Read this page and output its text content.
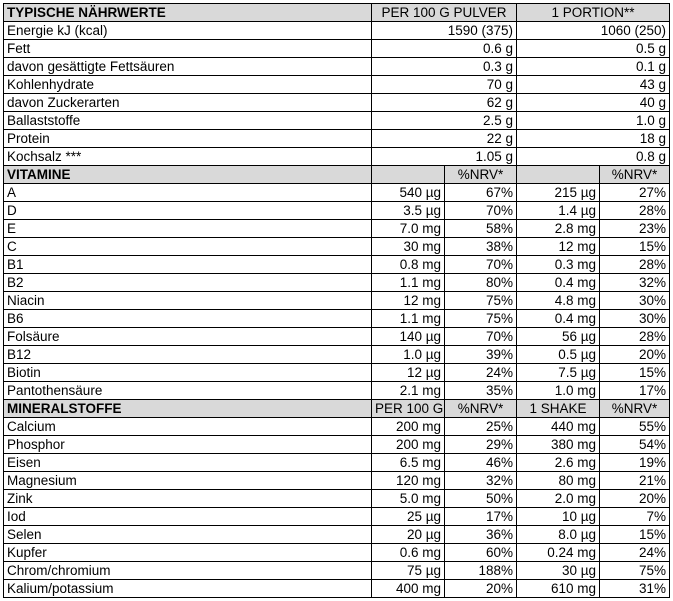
TYPISCHE NÄHRWERTE	PER 100 G PULVER		1 PORTION**	
Energie kJ (kcal)	1590 (375)		1060 (250)	
Fett	0.6 g		0.5 g	
davon gesättigte Fettsäuren	0.3 g		0.1 g	
Kohlenhydrate	70 g		43 g	
davon Zuckerarten	62 g		40 g	
Ballaststoffe	2.5 g		1.0 g	
Protein	22 g		18 g	
Kochsalz ***	1.05 g		0.8 g	
VITAMINE		%NRV*		%NRV*
A	540 µg	67%	215 µg	27%
D	3.5 µg	70%	1.4 µg	28%
E	7.0 mg	58%	2.8 mg	23%
C	30 mg	38%	12 mg	15%
B1	0.8 mg	70%	0.3 mg	28%
B2	1.1 mg	80%	0.4 mg	32%
Niacin	12 mg	75%	4.8 mg	30%
B6	1.1 mg	75%	0.4 mg	30%
Folsäure	140 µg	70%	56 µg	28%
B12	1.0 µg	39%	0.5 µg	20%
Biotin	12 µg	24%	7.5 µg	15%
Pantothensäure	2.1 mg	35%	1.0 mg	17%
MINERALSTOFFE	PER 100 G	%NRV*	1 SHAKE	%NRV*
Calcium	200 mg	25%	440 mg	55%
Phosphor	200 mg	29%	380 mg	54%
Eisen	6.5 mg	46%	2.6 mg	19%
Magnesium	120 mg	32%	80 mg	21%
Zink	5.0 mg	50%	2.0 mg	20%
Iod	25 µg	17%	10 µg	7%
Selen	20 µg	36%	8.0 µg	15%
Kupfer	0.6 mg	60%	0.24 mg	24%
Chrom/chromium	75 µg	188%	30 µg	75%
Kalium/potassium	400 mg	20%	610 mg	31%
